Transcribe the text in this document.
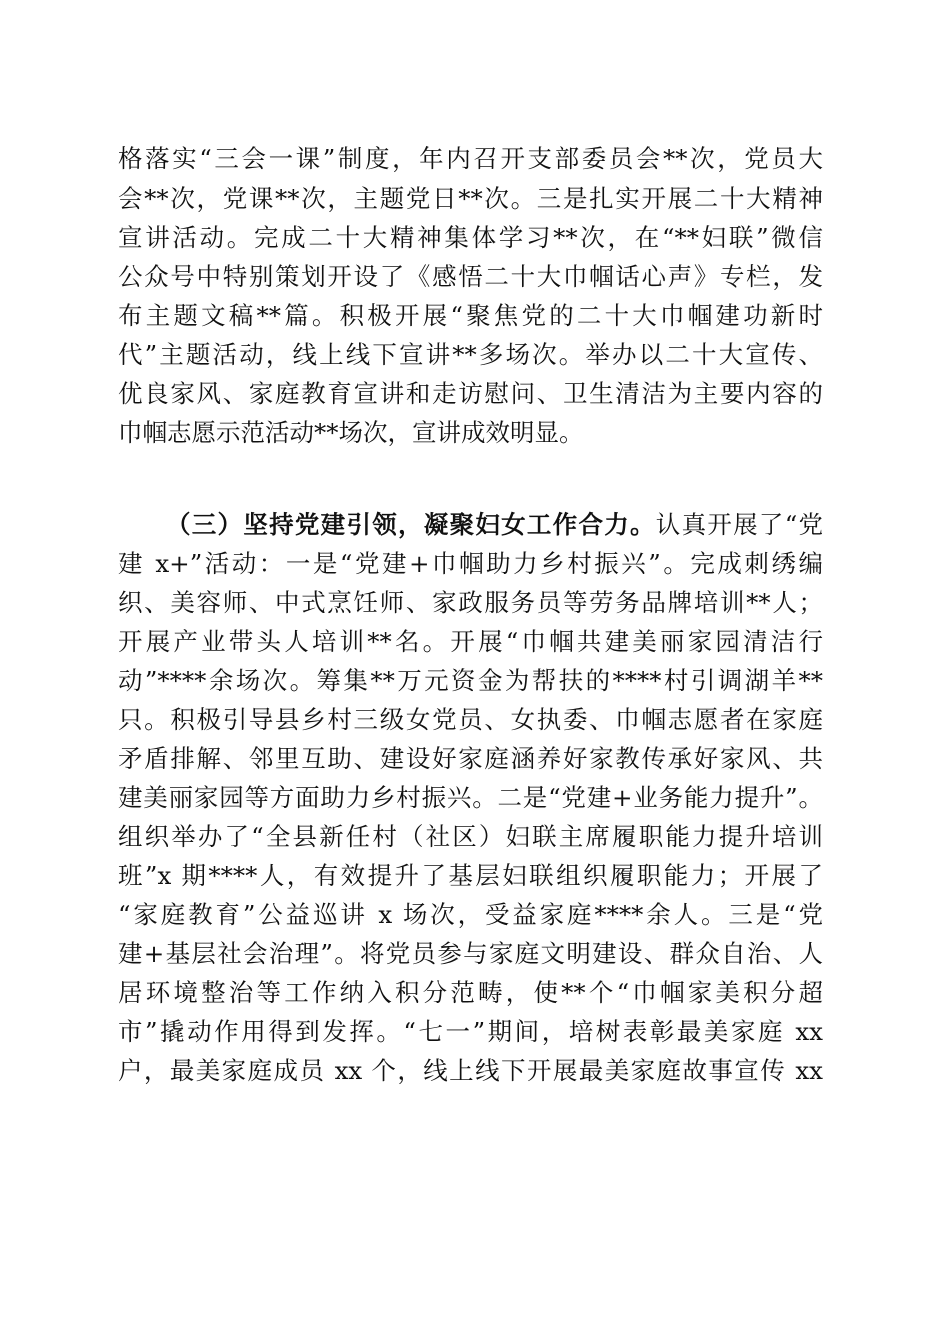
格落实“三会一课”制度，年内召开支部委员会**次，党员大
会**次，党课**次，主题党日**次。三是扎实开展二十大精神
宣讲活动。完成二十大精神集体学习**次，在“**妇联”微信
公众号中特别策划开设了《感悟二十大巾帼话心声》专栏，发
布主题文稿**篇。积极开展“聚焦党的二十大巾帼建功新时
代”主题活动，线上线下宣讲**多场次。举办以二十大宣传、
优良家风、家庭教育宣讲和走访慰问、卫生清洁为主要内容的
巾帼志愿示范活动**场次，宣讲成效明显。
（三）坚持党建引领，凝聚妇女工作合力。认真开展了“党
建 x+”活动：一是“党建+巾帼助力乡村振兴”。完成刺绣编
织、美容师、中式烹饪师、家政服务员等劳务品牌培训**人；
开展产业带头人培训**名。开展“巾帼共建美丽家园清洁行
动”****余场次。筹集**万元资金为帮扶的****村引调湖羊**
只。积极引导县乡村三级女党员、女执委、巾帼志愿者在家庭
矛盾排解、邻里互助、建设好家庭涵养好家教传承好家风、共
建美丽家园等方面助力乡村振兴。二是“党建+业务能力提升”。
组织举办了“全县新任村（社区）妇联主席履职能力提升培训
班”x 期****人，有效提升了基层妇联组织履职能力；开展了
“家庭教育”公益巡讲 x 场次，受益家庭****余人。三是“党
建+基层社会治理”。将党员参与家庭文明建设、群众自治、人
居环境整治等工作纳入积分范畴，使**个“巾帼家美积分超
市”撬动作用得到发挥。“七一”期间，培树表彰最美家庭 xx
户，最美家庭成员 xx 个，线上线下开展最美家庭故事宣传 xx
